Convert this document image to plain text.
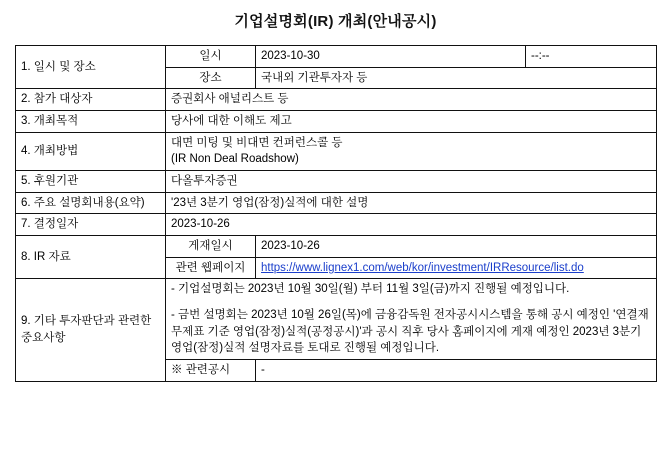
기업설명회(IR) 개최(안내공시)
1. 일시 및 장소	일시	2023-10-30	--:--
	장소	국내외 기관투자자 등	
2. 참가 대상자	증권회사 애널리스트 등		
3. 개최목적	당사에 대한 이해도 제고		
4. 개최방법	대면 미팅 및 비대면 컨퍼런스콜 등

(IR Non Deal Roadshow)		

5. 후원기관	다올투자증권		
6. 주요 설명회내용(요약)	'23년 3분기 영업(잠정)실적에 대한 설명		
7. 결정일자	2023-10-26		
8. IR 자료	게재일시	2023-10-26	
	관련 웹페이지	https://www.lignex1.com/web/kor/investment/IRResource/list.do	
9. 기타 투자판단과 관련한 중요사항	- 기업설명회는 2023년 10월 30일(월) 부터 11월 3일(금)까지 진행될 예정입니다.

- 금번 설명회는 2023년 10월 26일(목)에 금융감독원 전자공시시스템을 통해 공시 예정인 '연결재무제표 기준 영업(잠정)실적(공정공시)'과 공시 직후 당사 홈페이지에 게재 예정인 2023년 3분기 영업(잠정)실적 설명자료를 토대로 진행될 예정입니다.		

	※ 관련공시	-	
